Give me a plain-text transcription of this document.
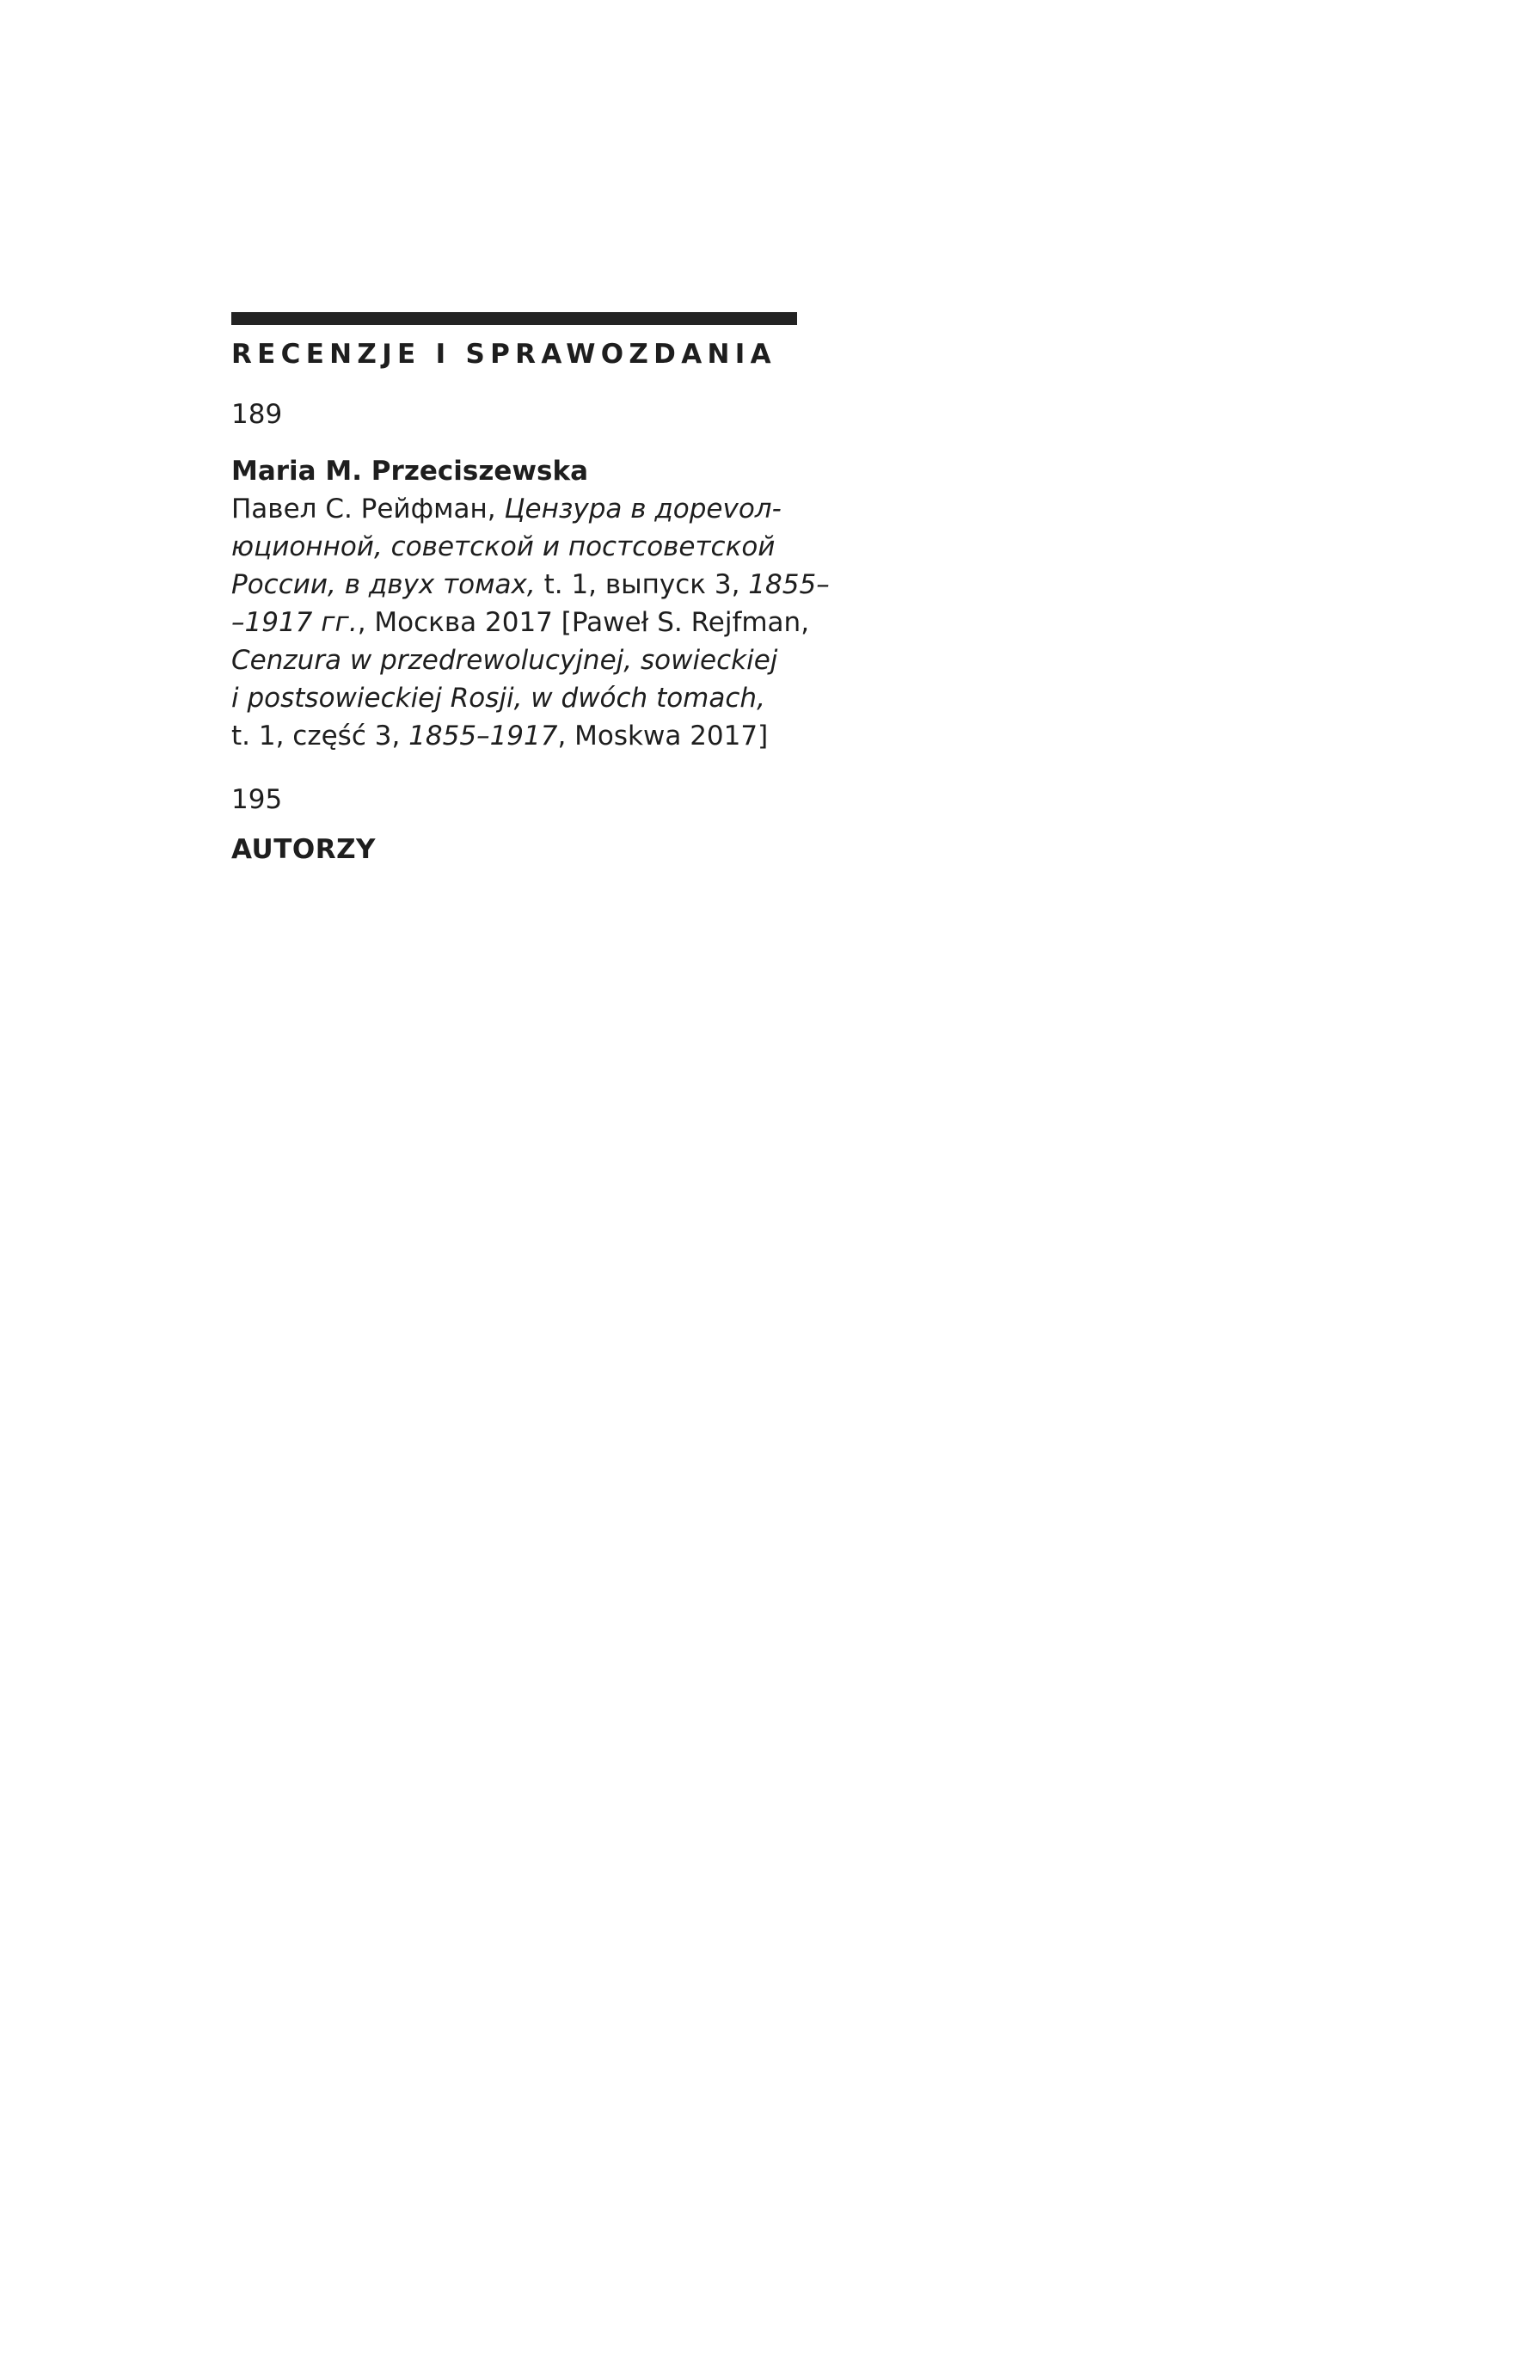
RECENZJE I SPRAWOZDANIA
189
Maria M. Przeciszewska
Павел С. Рейфман, Цензура в дорevол-
юционной, советской и постсоветской
России, в двух томах, t. 1, выпуск 3, 1855–
–1917 гг., Москва 2017 [Paweł S. Rejfman,
Cenzura w przedrewolucyjnej, sowieckiej
i postsowieckiej Rosji, w dwóch tomach,
t. 1, część 3, 1855–1917, Moskwa 2017]
195
AUTORZY
